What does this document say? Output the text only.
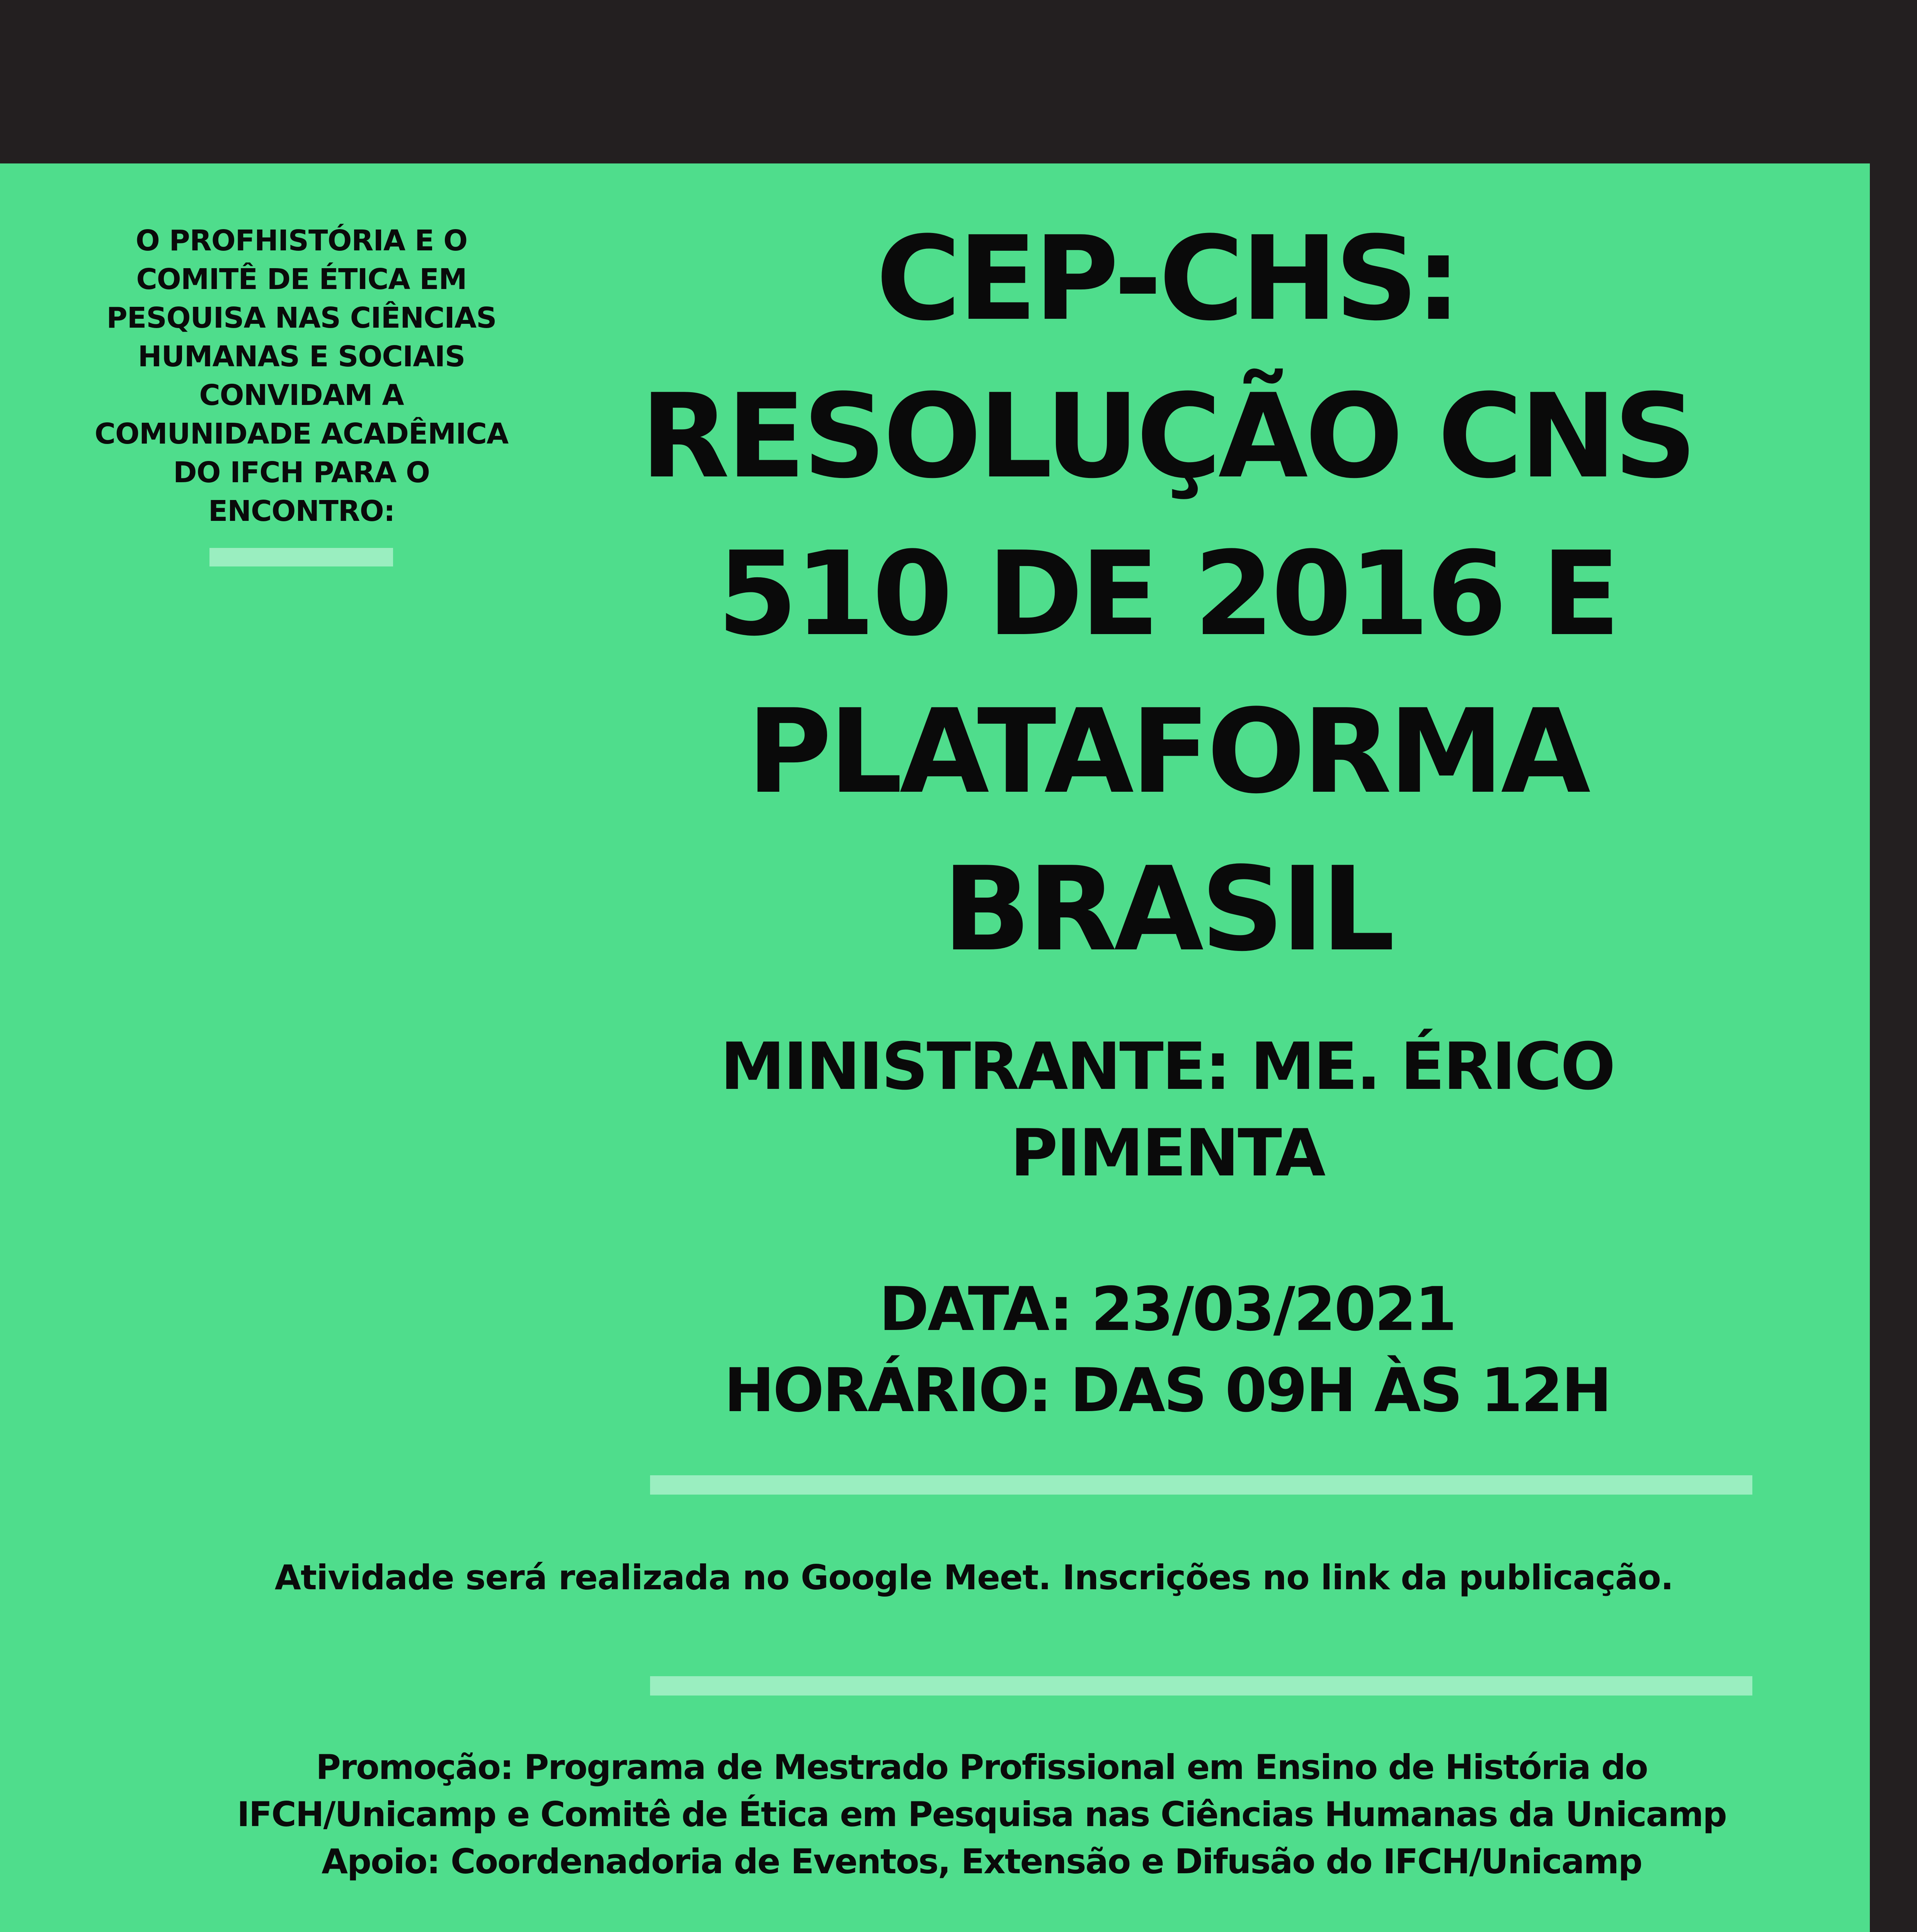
O PROFHISTÓRIA E O
COMITÊ DE ÉTICA EM
PESQUISA NAS CIÊNCIAS
HUMANAS E SOCIAIS
CONVIDAM A
COMUNIDADE ACADÊMICA
DO IFCH PARA O
ENCONTRO:
CEP-CHS:
RESOLUÇÃO CNS
510 DE 2016 E
PLATAFORMA
BRASIL
MINISTRANTE: ME. ÉRICO
PIMENTA
DATA: 23/03/2021
HORÁRIO: DAS 09H ÀS 12H
Atividade será realizada no Google Meet. Inscrições no link da publicação.
Promoção: Programa de Mestrado Profissional em Ensino de História do
IFCH/Unicamp e Comitê de Ética em Pesquisa nas Ciências Humanas da Unicamp
Apoio: Coordenadoria de Eventos, Extensão e Difusão do IFCH/Unicamp
